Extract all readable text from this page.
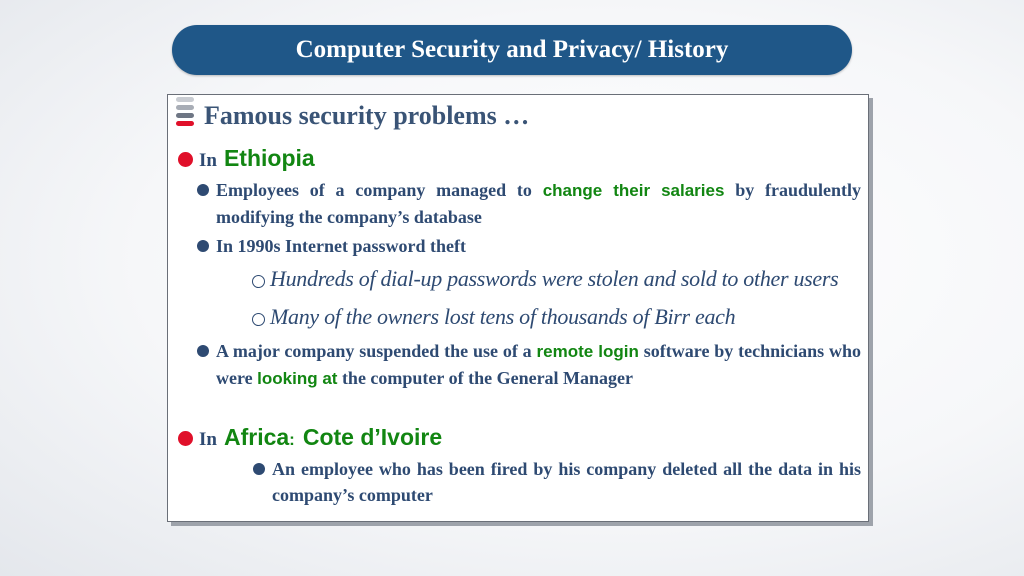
Computer Security and Privacy/ History
Famous security problems …
In Ethiopia
Employees of a company managed to change their salaries by fraudulently modifying the company’s database
In 1990s Internet password theft
Hundreds of dial-up passwords were stolen and sold to other users
Many of the owners lost tens of thousands of Birr each
A major company suspended the use of a remote login software by technicians who were looking at the computer of the General Manager
In Africa : Cote d’Ivoire
An employee who has been fired by his company deleted all the data in his company’s computer
